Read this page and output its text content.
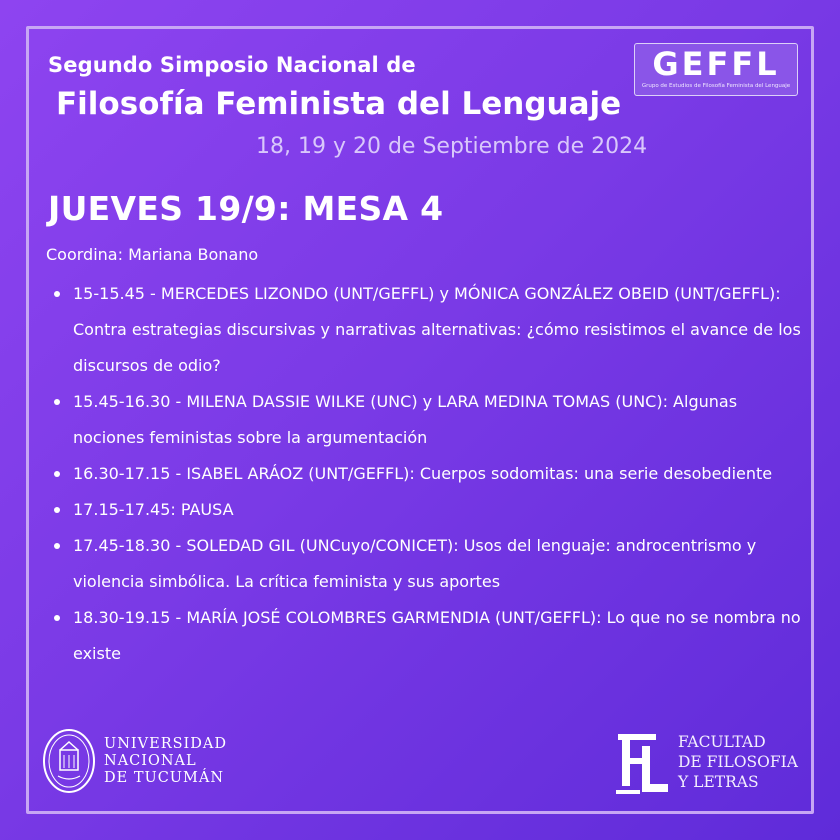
Segundo Simposio Nacional de
Filosofía Feminista del Lenguaje
18, 19 y 20 de Septiembre de 2024
GEFFL
Grupo de Estudios de Filosofía Feminista del Lenguaje
JUEVES 19/9: MESA 4
Coordina: Mariana Bonano
15-15.45 - MERCEDES LIZONDO (UNT/GEFFL) y MÓNICA GONZÁLEZ OBEID (UNT/GEFFL): Contra estrategias discursivas y narrativas alternativas: ¿cómo resistimos el avance de los discursos de odio?
15.45-16.30 - MILENA DASSIE WILKE (UNC) y LARA MEDINA TOMAS (UNC): Algunas nociones feministas sobre la argumentación
16.30-17.15 - ISABEL ARÁOZ (UNT/GEFFL): Cuerpos sodomitas: una serie desobediente
17.15-17.45: PAUSA
17.45-18.30 - SOLEDAD GIL (UNCuyo/CONICET): Usos del lenguaje: androcentrismo y violencia simbólica. La crítica feminista y sus aportes
18.30-19.15 - MARÍA JOSÉ COLOMBRES GARMENDIA (UNT/GEFFL): Lo que no se nombra no existe
UNIVERSIDAD
NACIONAL
DE TUCUMÁN
FACULTAD
DE FILOSOFIA
Y LETRAS
